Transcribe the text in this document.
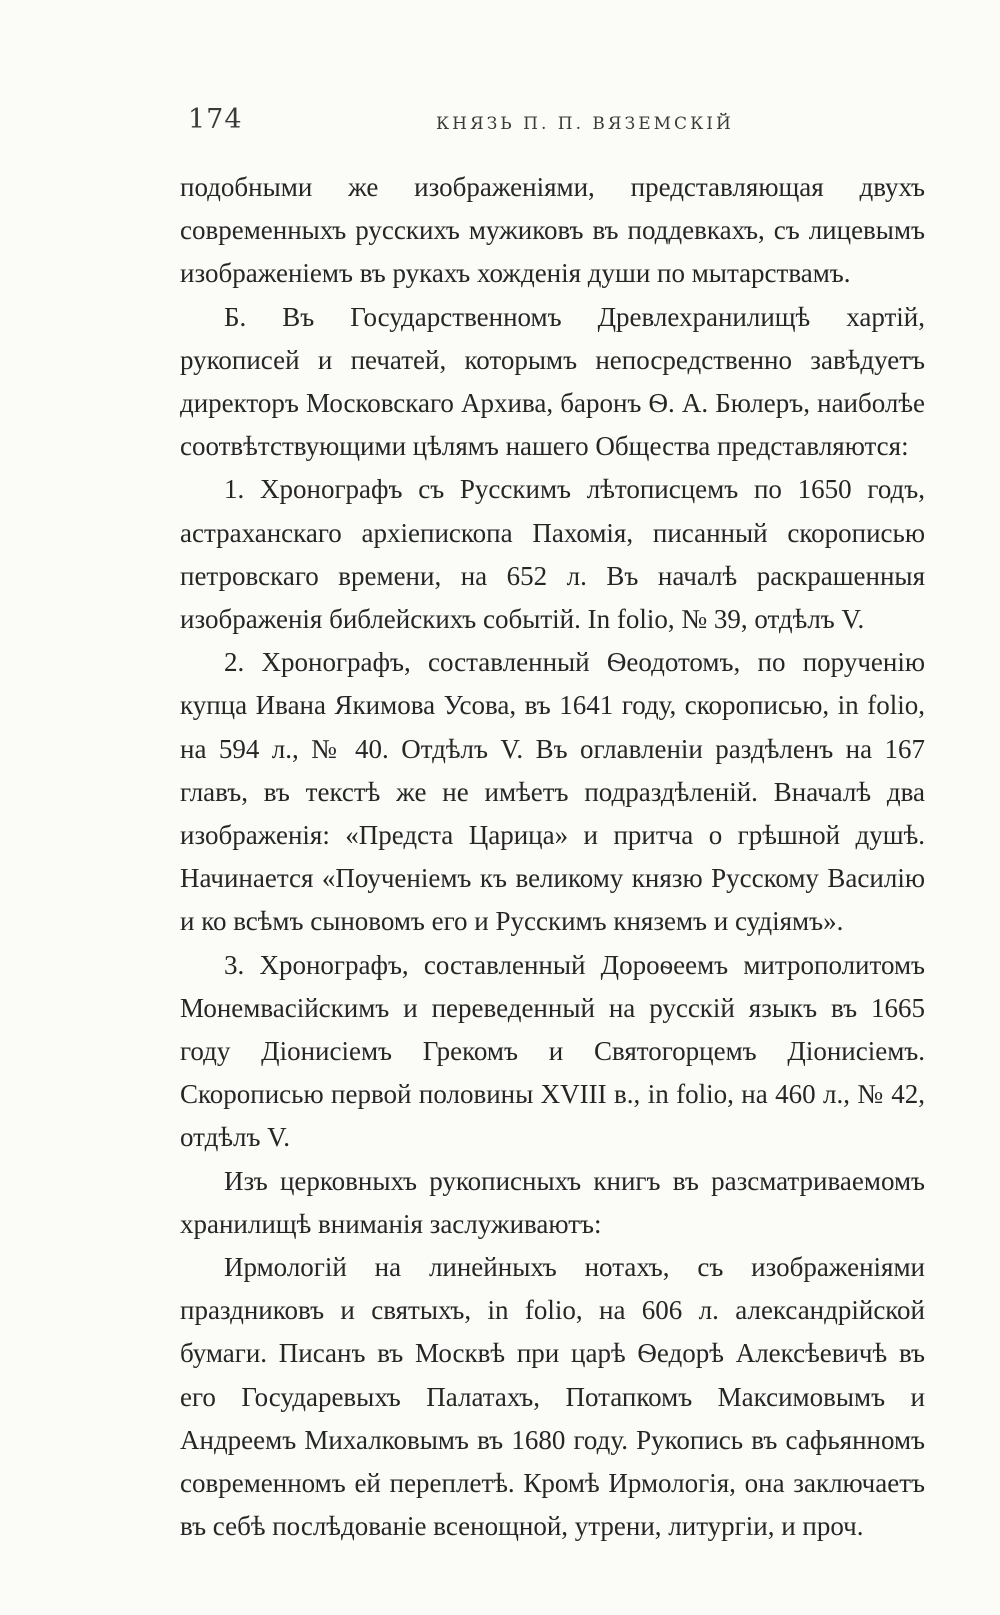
174	КНЯЗЬ П. П. ВЯЗЕМСКІЙ

подобными же изображеніями, представляющая двухъ современныхъ русскихъ мужиковъ въ поддевкахъ, съ лицевымъ изображеніемъ въ рукахъ хожденія души по мытарствамъ.

Б. Въ Государственномъ Древлехранилищѣ хартій, рукописей и печатей, которымъ непосредственно завѣдуетъ директоръ Московскаго Архива, баронъ Ѳ. А. Бюлеръ, наиболѣе соотвѣтствующими цѣлямъ нашего Общества представляются:

1. Хронографъ съ Русскимъ лѣтописцемъ по 1650 годъ, астраханскаго архіепископа Пахомія, писанный скорописью петровскаго времени, на 652 л. Въ началѣ раскрашенныя изображенія библейскихъ событій. In folio, № 39, отдѣлъ V.

2. Хронографъ, составленный Ѳеодотомъ, по порученію купца Ивана Якимова Усова, въ 1641 году, скорописью, in folio, на 594 л., № 40. Отдѣлъ V. Въ оглавленіи раздѣленъ на 167 главъ, въ текстѣ же не имѣетъ подраздѣленій. Вначалѣ два изображенія: «Предста Царица» и притча о грѣшной душѣ. Начинается «Поученіемъ къ великому князю Русскому Василію и ко всѣмъ сыновомъ его и Русскимъ княземъ и судіямъ».

3. Хронографъ, составленный Дороѳеемъ митрополитомъ Монемвасійскимъ и переведенный на русскій языкъ въ 1665 году Діонисіемъ Грекомъ и Святогорцемъ Діонисіемъ. Скорописью первой половины XVIII в., in folio, на 460 л., № 42, отдѣлъ V.

Изъ церковныхъ рукописныхъ книгъ въ разсматриваемомъ хранилищѣ вниманія заслуживаютъ:

Ирмологій на линейныхъ нотахъ, съ изображеніями праздниковъ и святыхъ, in folio, на 606 л. александрійской бумаги. Писанъ въ Москвѣ при царѣ Ѳедорѣ Алексѣевичѣ въ его Государевыхъ Палатахъ, Потапкомъ Максимовымъ и Андреемъ Михалковымъ въ 1680 году. Рукопись въ сафьянномъ современномъ ей переплетѣ. Кромѣ Ирмологія, она заключаетъ въ себѣ послѣдованіе всенощной, утрени, литургіи, и проч.
